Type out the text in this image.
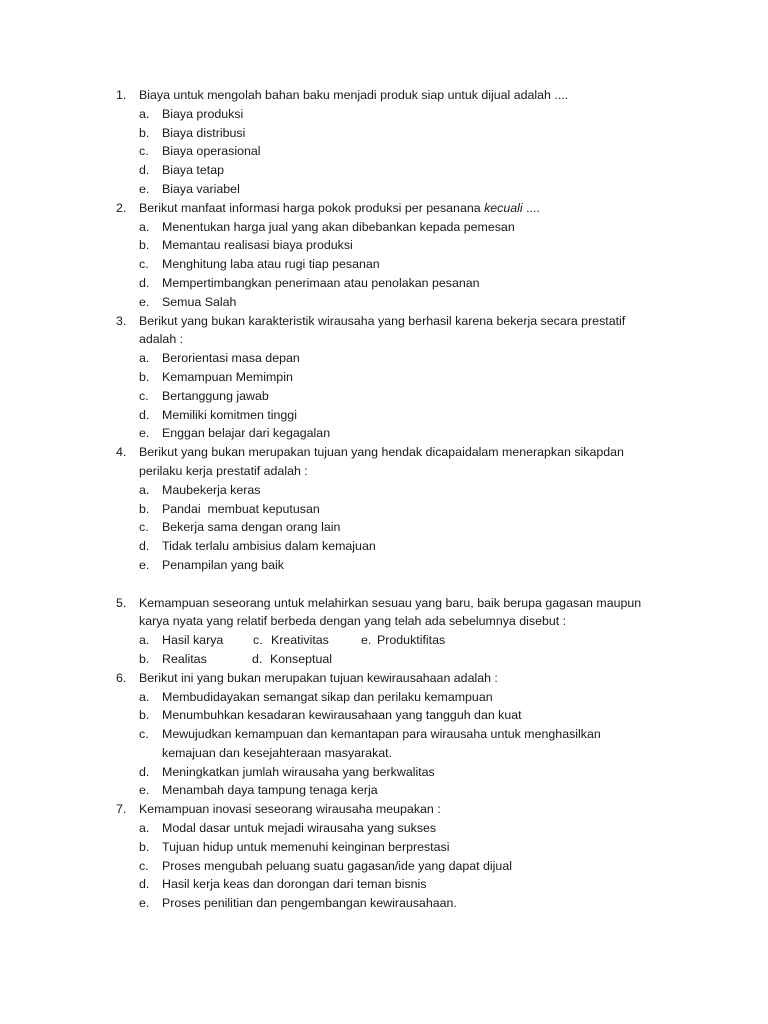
1. Biaya untuk mengolah bahan baku menjadi produk siap untuk dijual adalah ....
a. Biaya produksi
b. Biaya distribusi
c. Biaya operasional
d. Biaya tetap
e. Biaya variabel
2. Berikut manfaat informasi harga pokok produksi per pesanana kecuali ....
a. Menentukan harga jual yang akan dibebankan kepada pemesan
b. Memantau realisasi biaya produksi
c. Menghitung laba atau rugi tiap pesanan
d. Mempertimbangkan penerimaan atau penolakan pesanan
e. Semua Salah
3. Berikut yang bukan karakteristik wirausaha yang berhasil karena bekerja secara prestatif
adalah :
a. Berorientasi masa depan
b. Kemampuan Memimpin
c. Bertanggung jawab
d. Memiliki komitmen tinggi
e. Enggan belajar dari kegagalan
4. Berikut yang bukan merupakan tujuan yang hendak dicapaidalam menerapkan sikapdan
perilaku kerja prestatif adalah :
a. Maubekerja keras
b. Pandai  membuat keputusan
c. Bekerja sama dengan orang lain
d. Tidak terlalu ambisius dalam kemajuan
e. Penampilan yang baik
5. Kemampuan seseorang untuk melahirkan sesuau yang baru, baik berupa gagasan maupun
karya nyata yang relatif berbeda dengan yang telah ada sebelumnya disebut :
a. Hasil karya c. Kreativitas	e. Produktifitas
b. Realitas	d. Konseptual
6. Berikut ini yang bukan merupakan tujuan kewirausahaan adalah :
a. Membudidayakan semangat sikap dan perilaku kemampuan
b. Menumbuhkan kesadaran kewirausahaan yang tangguh dan kuat
c. Mewujudkan kemampuan dan kemantapan para wirausaha untuk menghasilkan
kemajuan dan kesejahteraan masyarakat.
d. Meningkatkan jumlah wirausaha yang berkwalitas
e. Menambah daya tampung tenaga kerja
7. Kemampuan inovasi seseorang wirausaha meupakan :
a. Modal dasar untuk mejadi wirausaha yang sukses
b. Tujuan hidup untuk memenuhi keinginan berprestasi
c. Proses mengubah peluang suatu gagasan/ide yang dapat dijual
d. Hasil kerja keas dan dorongan dari teman bisnis
e. Proses penilitian dan pengembangan kewirausahaan.
